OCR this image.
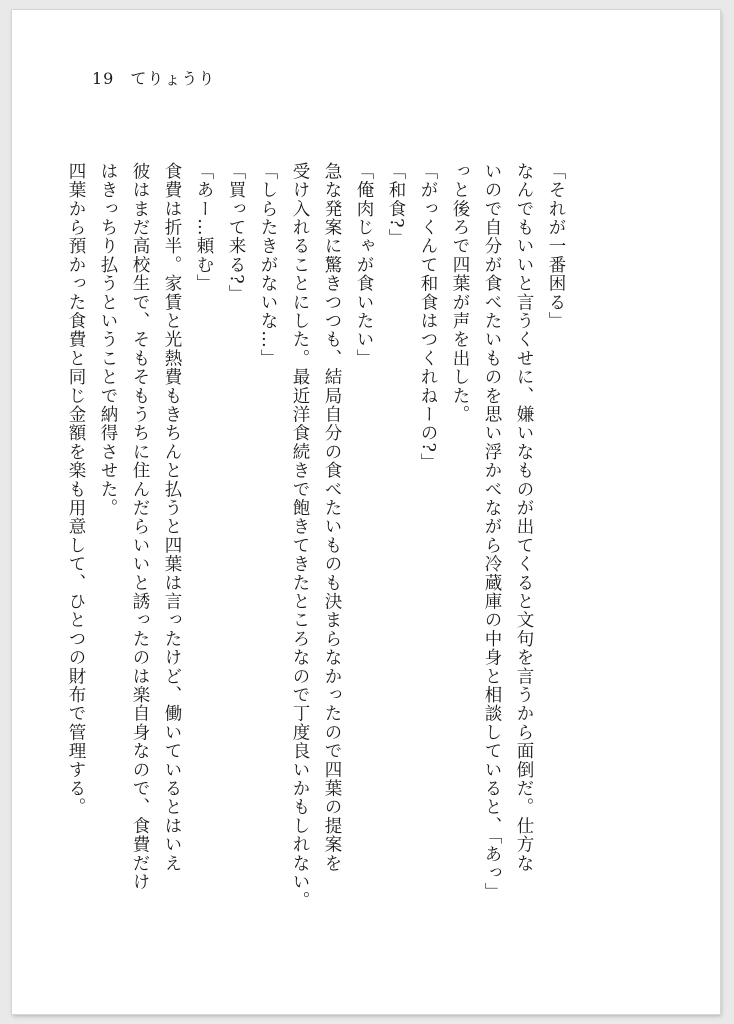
19 てりょうり

「それが一番困る」

なんでもいいと言うくせに、嫌いなものが出てくると文句を言うから面倒だ。仕方な

いので自分が食べたいものを思い浮かべながら冷蔵庫の中身と相談していると、「あっ」

っと後ろで四葉が声を出した。

「がっくんて和食はつくれねーの?」

「和食?」

「俺肉じゃが食いたい」

急な発案に驚きつつも、結局自分の食べたいものも決まらなかったので四葉の提案を

受け入れることにした。最近洋食続きで飽きてきたところなので丁度良いかもしれない。

「しらたきがないな…」

「買って来る?」

「あー…頼む」

食費は折半。家賃と光熱費もきちんと払うと四葉は言ったけど、働いているとはいえ

彼はまだ高校生で、そもそもうちに住んだらいいと誘ったのは楽自身なので、食費だけ

はきっちり払うということで納得させた。

四葉から預かった食費と同じ金額を楽も用意して、ひとつの財布で管理する。
